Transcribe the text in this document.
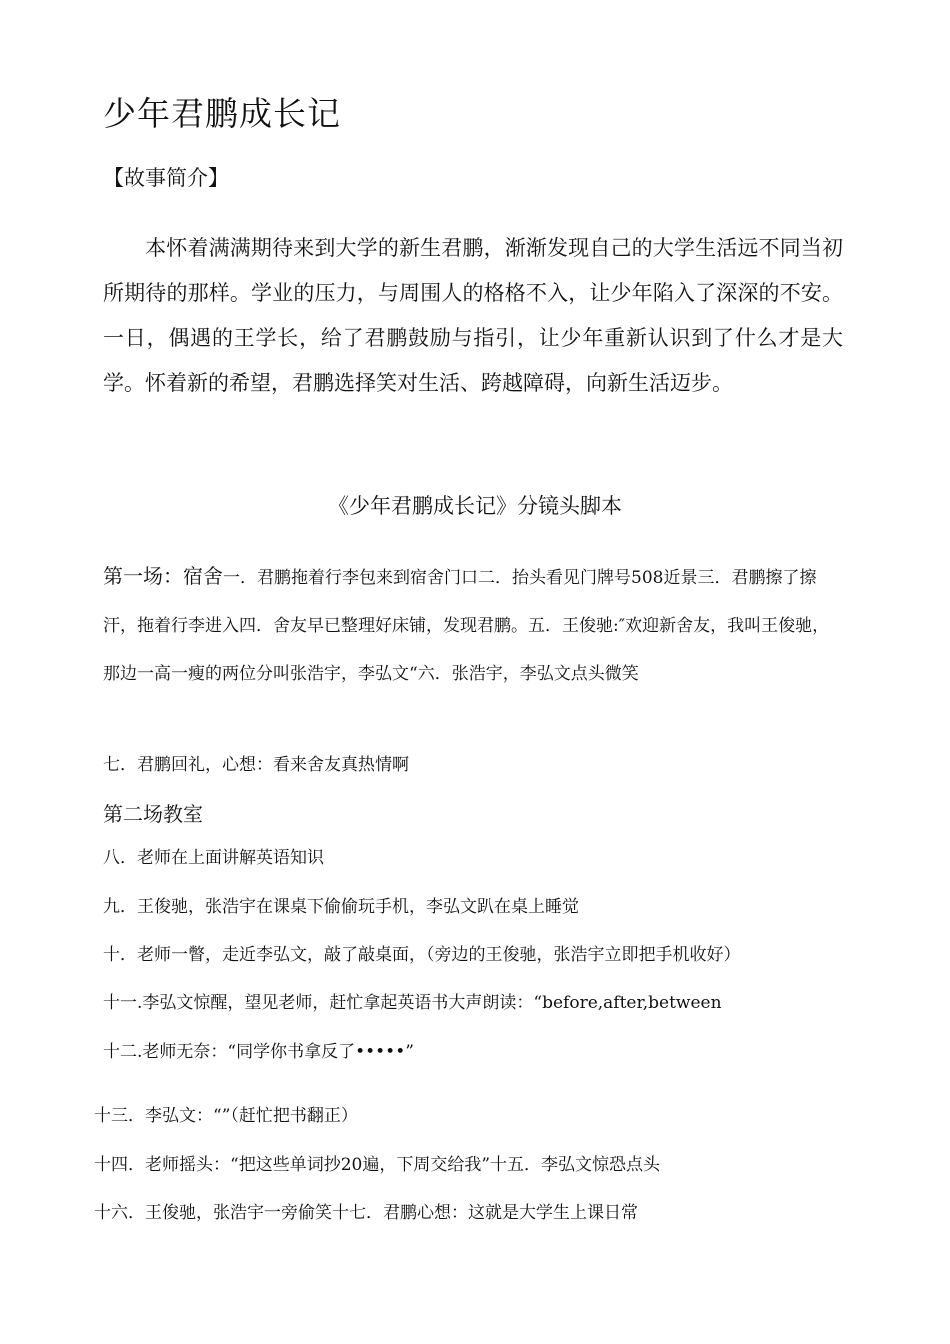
少年君鹏成长记
【故事简介】

本怀着满满期待来到大学的新生君鹏，渐渐发现自己的大学生活远不同当初所期待的那样。学业的压力，与周围人的格格不入，让少年陷入了深深的不安。一日，偶遇的王学长，给了君鹏鼓励与指引，让少年重新认识到了什么才是大学。怀着新的希望，君鹏选择笑对生活、跨越障碍，向新生活迈步。

《少年君鹏成长记》分镜头脚本

第一场：宿舍一．君鹏拖着行李包来到宿舍门口二．抬头看见门牌号508近景三．君鹏擦了擦汗，拖着行李进入四．舍友早已整理好床铺，发现君鹏。五．王俊驰:″欢迎新舍友，我叫王俊驰，那边一高一瘦的两位分叫张浩宇，李弘文“六．张浩宇，李弘文点头微笑

七．君鹏回礼，心想：看来舍友真热情啊
第二场教室
八．老师在上面讲解英语知识
九．王俊驰，张浩宇在课桌下偷偷玩手机，李弘文趴在桌上睡觉
十．老师一瞥，走近李弘文，敲了敲桌面，（旁边的王俊驰，张浩宇立即把手机收好）
十一.李弘文惊醒，望见老师，赶忙拿起英语书大声朗读：“before,after,between
十二.老师无奈：“同学你书拿反了•••••”
十三．李弘文：“”（赶忙把书翻正）
十四．老师摇头：“把这些单词抄20遍，下周交给我”十五．李弘文惊恐点头
十六．王俊驰，张浩宇一旁偷笑十七．君鹏心想：这就是大学生上课日常
